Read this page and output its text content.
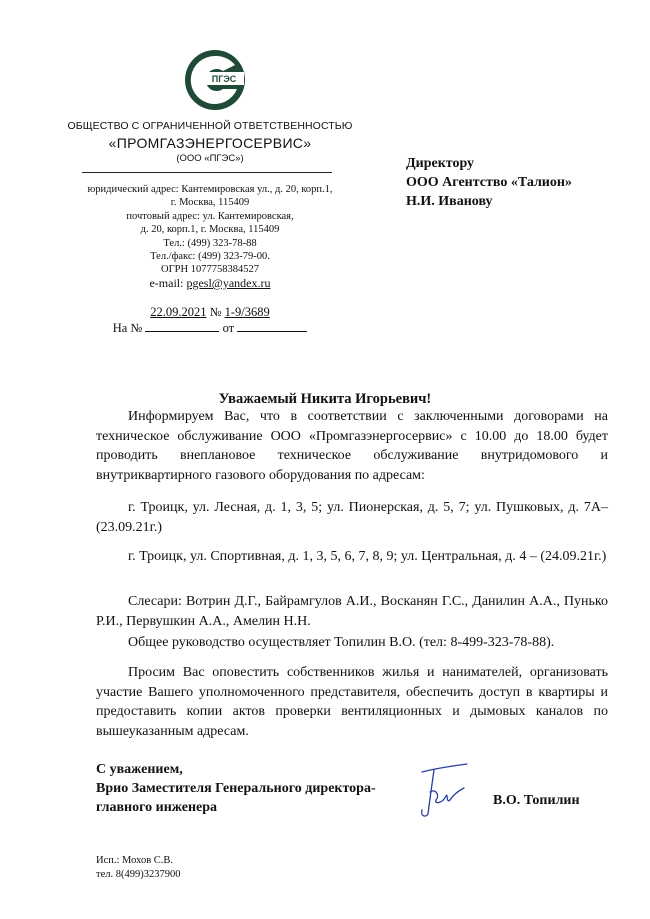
ПГЭС
ОБЩЕСТВО С ОГРАНИЧЕННОЙ ОТВЕТСТВЕННОСТЬЮ
«ПРОМГАЗЭНЕРГОСЕРВИС»
(ООО «ПГЭС»)
юридический адрес: Кантемировская ул., д. 20, корп.1,
г. Москва, 115409
почтовый адрес: ул. Кантемировская,
д. 20, корп.1, г. Москва, 115409
Тел.: (499) 323-78-88
Тел./факс: (499) 323-79-00.
ОГРН 1077758384527
e-mail: pgesl@yandex.ru
22.09.2021 № 1-9/3689
На №	от
Директору
ООО Агентство «Талион»
Н.И. Иванову
Уважаемый Никита Игорьевич!
Информируем Вас, что в соответствии с заключенными договорами на техническое обслуживание ООО «Промгазэнергосервис» с 10.00 до 18.00 будет проводить внеплановое техническое обслуживание внутридомового и внутриквартирного газового оборудования по адресам:
г. Троицк, ул. Лесная, д. 1, 3, 5; ул. Пионерская, д. 5, 7; ул. Пушковых, д. 7А– (23.09.21г.)
г. Троицк, ул. Спортивная, д. 1, 3, 5, 6, 7, 8, 9; ул. Центральная, д. 4 – (24.09.21г.)
Слесари: Вотрин Д.Г., Байрамгулов А.И., Восканян Г.С., Данилин А.А., Пунько Р.И., Первушкин А.А., Амелин Н.Н.
Общее руководство осуществляет Топилин В.О. (тел: 8-499-323-78-88).
Просим Вас оповестить собственников жилья и нанимателей, организовать участие Вашего уполномоченного представителя, обеспечить доступ в квартиры и предоставить копии актов проверки вентиляционных и дымовых каналов по вышеуказанным адресам.
С уважением,
Врио Заместителя Генерального директора-
главного инженера	В.О. Топилин
Исп.: Мохов С.В.
тел. 8(499)3237900
